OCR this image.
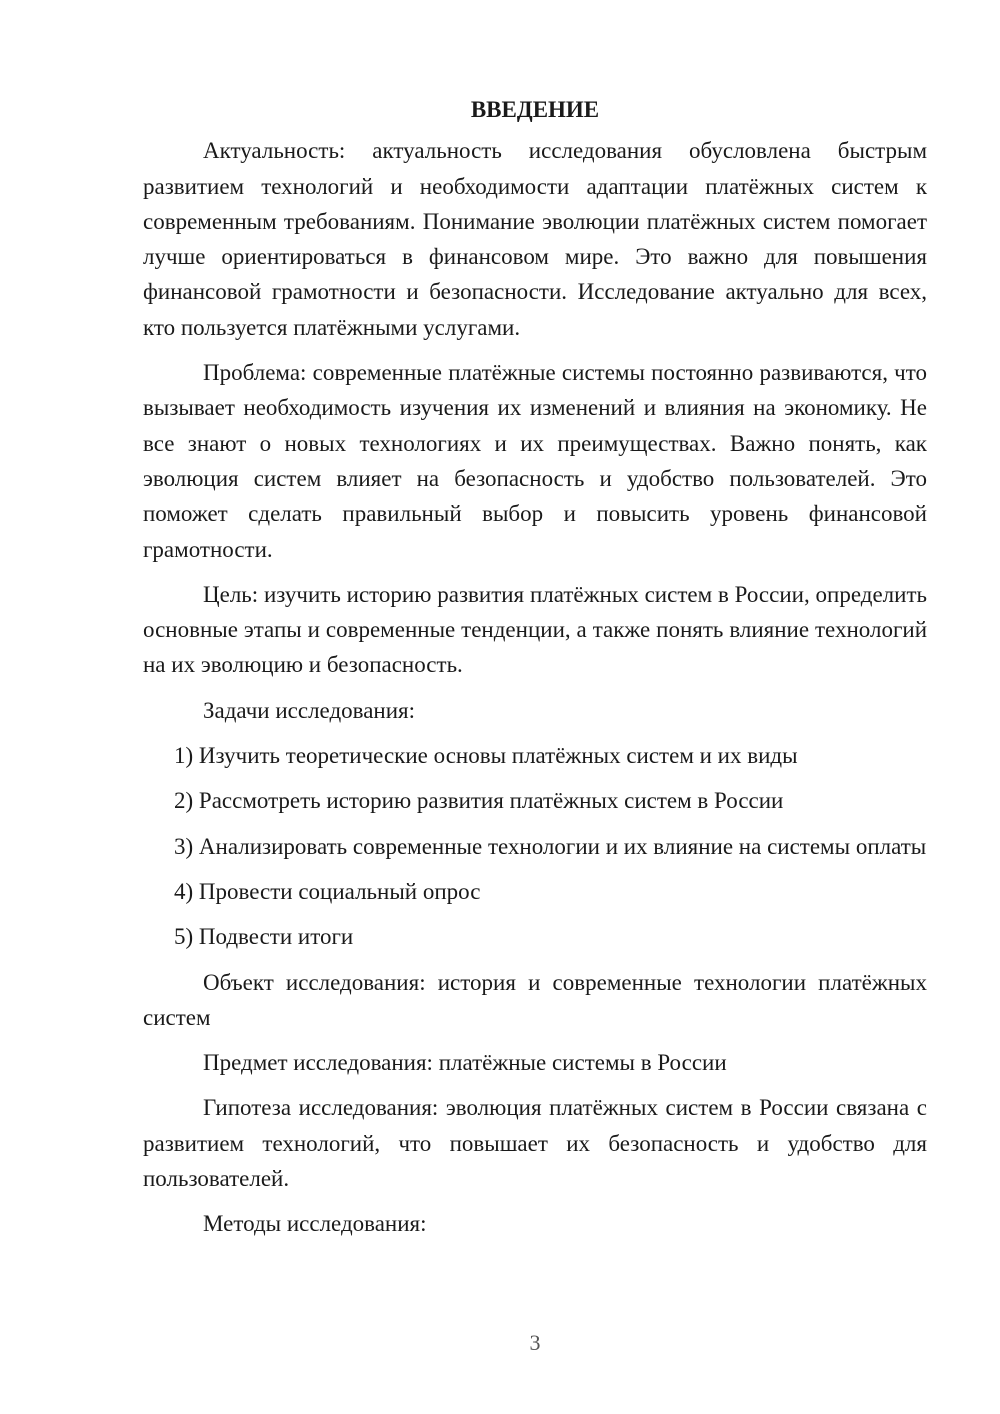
ВВЕДЕНИЕ

Актуальность: актуальность исследования обусловлена быстрым развитием технологий и необходимости адаптации платёжных систем к современным требованиям. Понимание эволюции платёжных систем помогает лучше ориентироваться в финансовом мире. Это важно для повышения финансовой грамотности и безопасности. Исследование актуально для всех, кто пользуется платёжными услугами.

Проблема: современные платёжные системы постоянно развиваются, что вызывает необходимость изучения их изменений и влияния на экономику. Не все знают о новых технологиях и их преимуществах. Важно понять, как эволюция систем влияет на безопасность и удобство пользователей. Это поможет сделать правильный выбор и повысить уровень финансовой грамотности.

Цель: изучить историю развития платёжных систем в России, определить основные этапы и современные тенденции, а также понять влияние технологий на их эволюцию и безопасность.

Задачи исследования:

1) Изучить теоретические основы платёжных систем и их виды

2) Рассмотреть историю развития платёжных систем в России

3) Анализировать современные технологии и их влияние на системы оплаты

4) Провести социальный опрос

5) Подвести итоги

Объект исследования: история и современные технологии платёжных систем

Предмет исследования: платёжные системы в России

Гипотеза исследования: эволюция платёжных систем в России связана с развитием технологий, что повышает их безопасность и удобство для пользователей.

Методы исследования:

3
